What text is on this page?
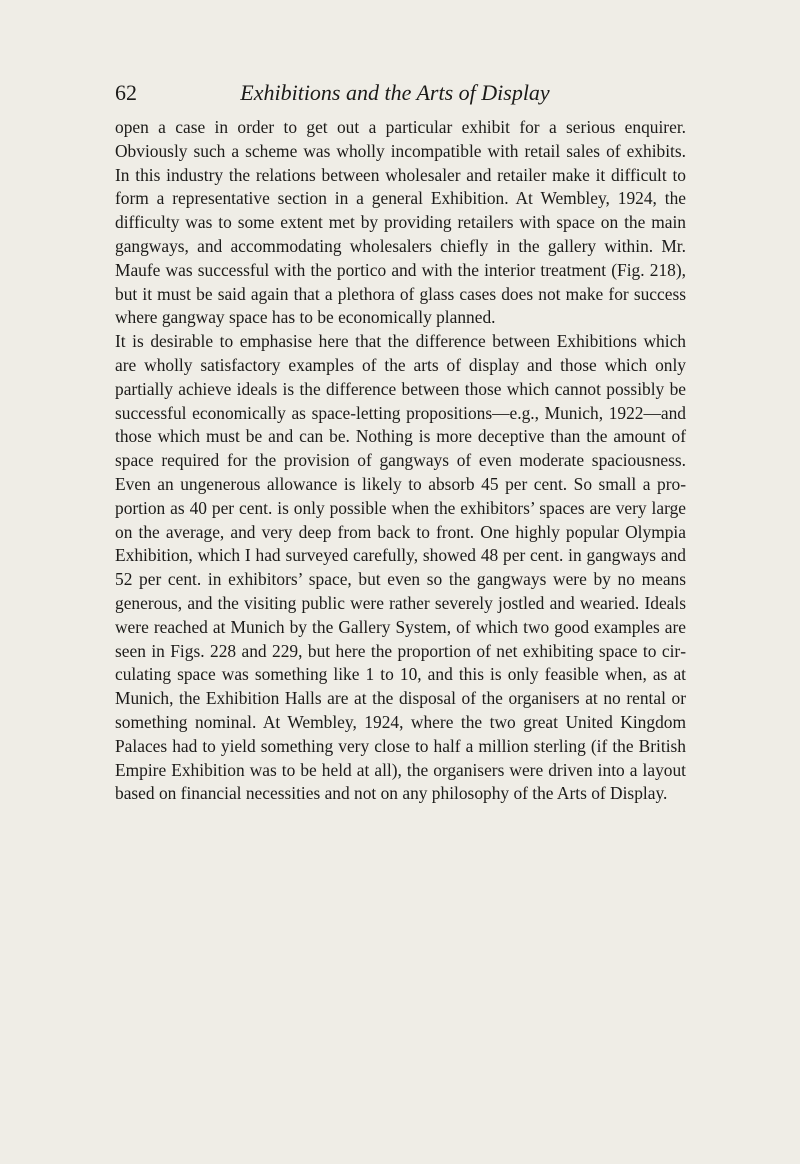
62	Exhibitions and the Arts of Display

open a case in order to get out a particular exhibit for a serious enquirer. Obviously such a scheme was wholly incompatible with retail sales of exhibits. In this industry the relations between wholesaler and retailer make it difficult to form a representative section in a general Exhibition. At Wembley, 1924, the difficulty was to some extent met by providing retailers with space on the main gangways, and accommodating wholesalers chiefly in the gallery within. Mr. Maufe was successful with the portico and with the interior treatment (Fig. 218), but it must be said again that a plethora of glass cases does not make for success where gangway space has to be economically planned.

It is desirable to emphasise here that the difference between Exhibitions which are wholly satisfactory examples of the arts of display and those which only partially achieve ideals is the difference between those which cannot possibly be successful economically as space-letting propositions—e.g., Munich, 1922—and those which must be and can be. Nothing is more deceptive than the amount of space required for the provision of gangways of even moderate spaciousness. Even an ungenerous allowance is likely to absorb 45 per cent. So small a proportion as 40 per cent. is only possible when the exhibitors’ spaces are very large on the average, and very deep from back to front. One highly popular Olympia Exhibition, which I had surveyed carefully, showed 48 per cent. in gangways and 52 per cent. in exhibitors’ space, but even so the gangways were by no means generous, and the visiting public were rather severely jostled and wearied. Ideals were reached at Munich by the Gallery System, of which two good examples are seen in Figs. 228 and 229, but here the proportion of net exhibiting space to circulating space was something like 1 to 10, and this is only feasible when, as at Munich, the Exhibition Halls are at the disposal of the organisers at no rental or something nominal. At Wembley, 1924, where the two great United Kingdom Palaces had to yield something very close to half a million sterling (if the British Empire Exhibition was to be held at all), the organisers were driven into a layout based on financial necessities and not on any philosophy of the Arts of Display.
